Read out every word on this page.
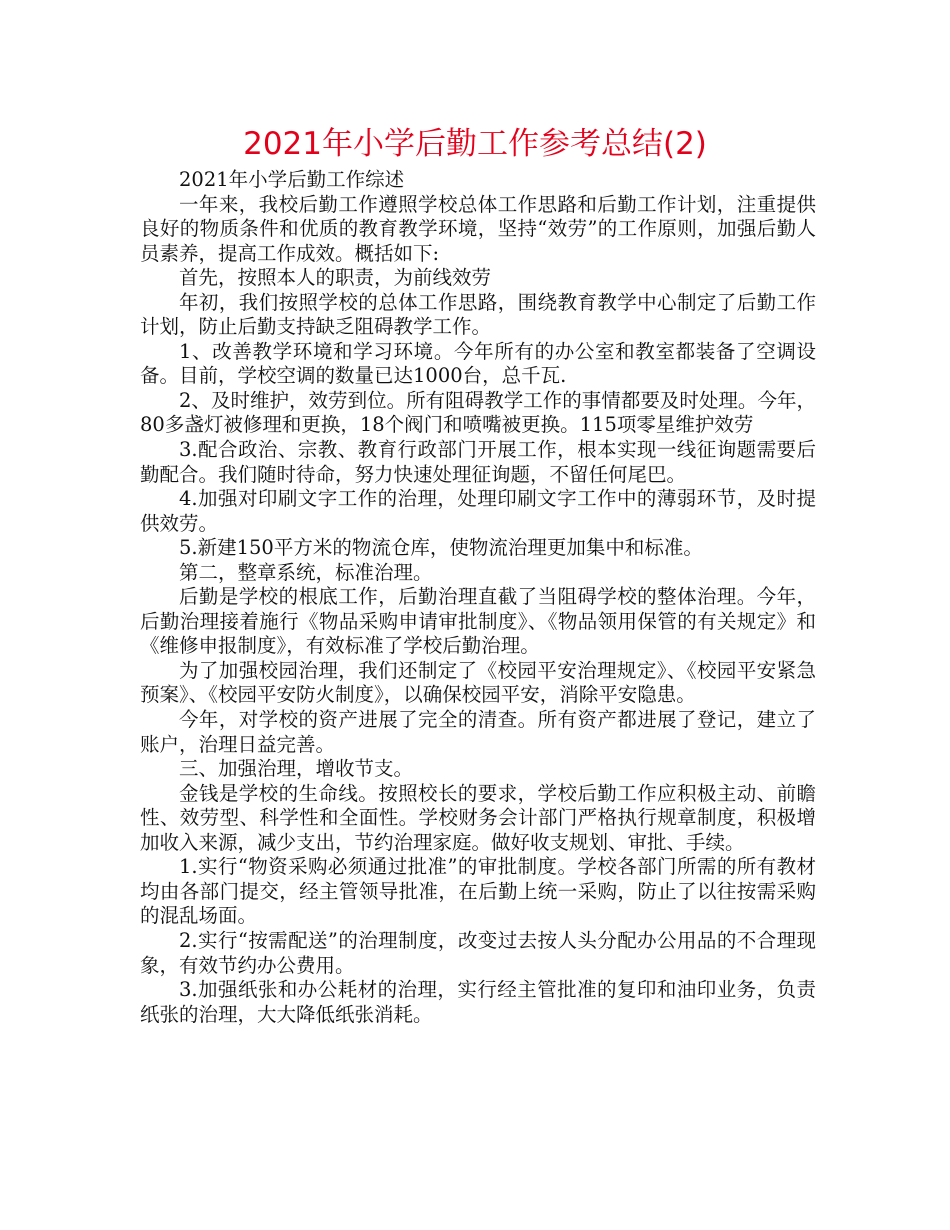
2021年小学后勤工作参考总结(2)

2021年小学后勤工作综述

一年来，我校后勤工作遵照学校总体工作思路和后勤工作计划，注重提供良好的物质条件和优质的教育教学环境，坚持“效劳”的工作原则，加强后勤人员素养，提高工作成效。概括如下:

首先，按照本人的职责，为前线效劳

年初，我们按照学校的总体工作思路，围绕教育教学中心制定了后勤工作计划，防止后勤支持缺乏阻碍教学工作。

1、改善教学环境和学习环境。今年所有的办公室和教室都装备了空调设备。目前，学校空调的数量已达1000台，总千瓦.

2、及时维护，效劳到位。所有阻碍教学工作的事情都要及时处理。今年，80多盏灯被修理和更换，18个阀门和喷嘴被更换。115项零星维护效劳

3.配合政治、宗教、教育行政部门开展工作，根本实现一线征询题需要后勤配合。我们随时待命，努力快速处理征询题，不留任何尾巴。

4.加强对印刷文字工作的治理，处理印刷文字工作中的薄弱环节，及时提供效劳。

5.新建150平方米的物流仓库，使物流治理更加集中和标准。

第二，整章系统，标准治理。

后勤是学校的根底工作，后勤治理直截了当阻碍学校的整体治理。今年，后勤治理接着施行《物品采购申请审批制度》、《物品领用保管的有关规定》和《维修申报制度》，有效标准了学校后勤治理。

为了加强校园治理，我们还制定了《校园平安治理规定》、《校园平安紧急预案》、《校园平安防火制度》，以确保校园平安，消除平安隐患。

今年，对学校的资产进展了完全的清查。所有资产都进展了登记，建立了账户，治理日益完善。

三、加强治理，增收节支。

金钱是学校的生命线。按照校长的要求，学校后勤工作应积极主动、前瞻性、效劳型、科学性和全面性。学校财务会计部门严格执行规章制度，积极增加收入来源，减少支出，节约治理家庭。做好收支规划、审批、手续。

1.实行“物资采购必须通过批准”的审批制度。学校各部门所需的所有教材均由各部门提交，经主管领导批准，在后勤上统一采购，防止了以往按需采购的混乱场面。

2.实行“按需配送”的治理制度，改变过去按人头分配办公用品的不合理现象，有效节约办公费用。

3.加强纸张和办公耗材的治理，实行经主管批准的复印和油印业务，负责纸张的治理，大大降低纸张消耗。
